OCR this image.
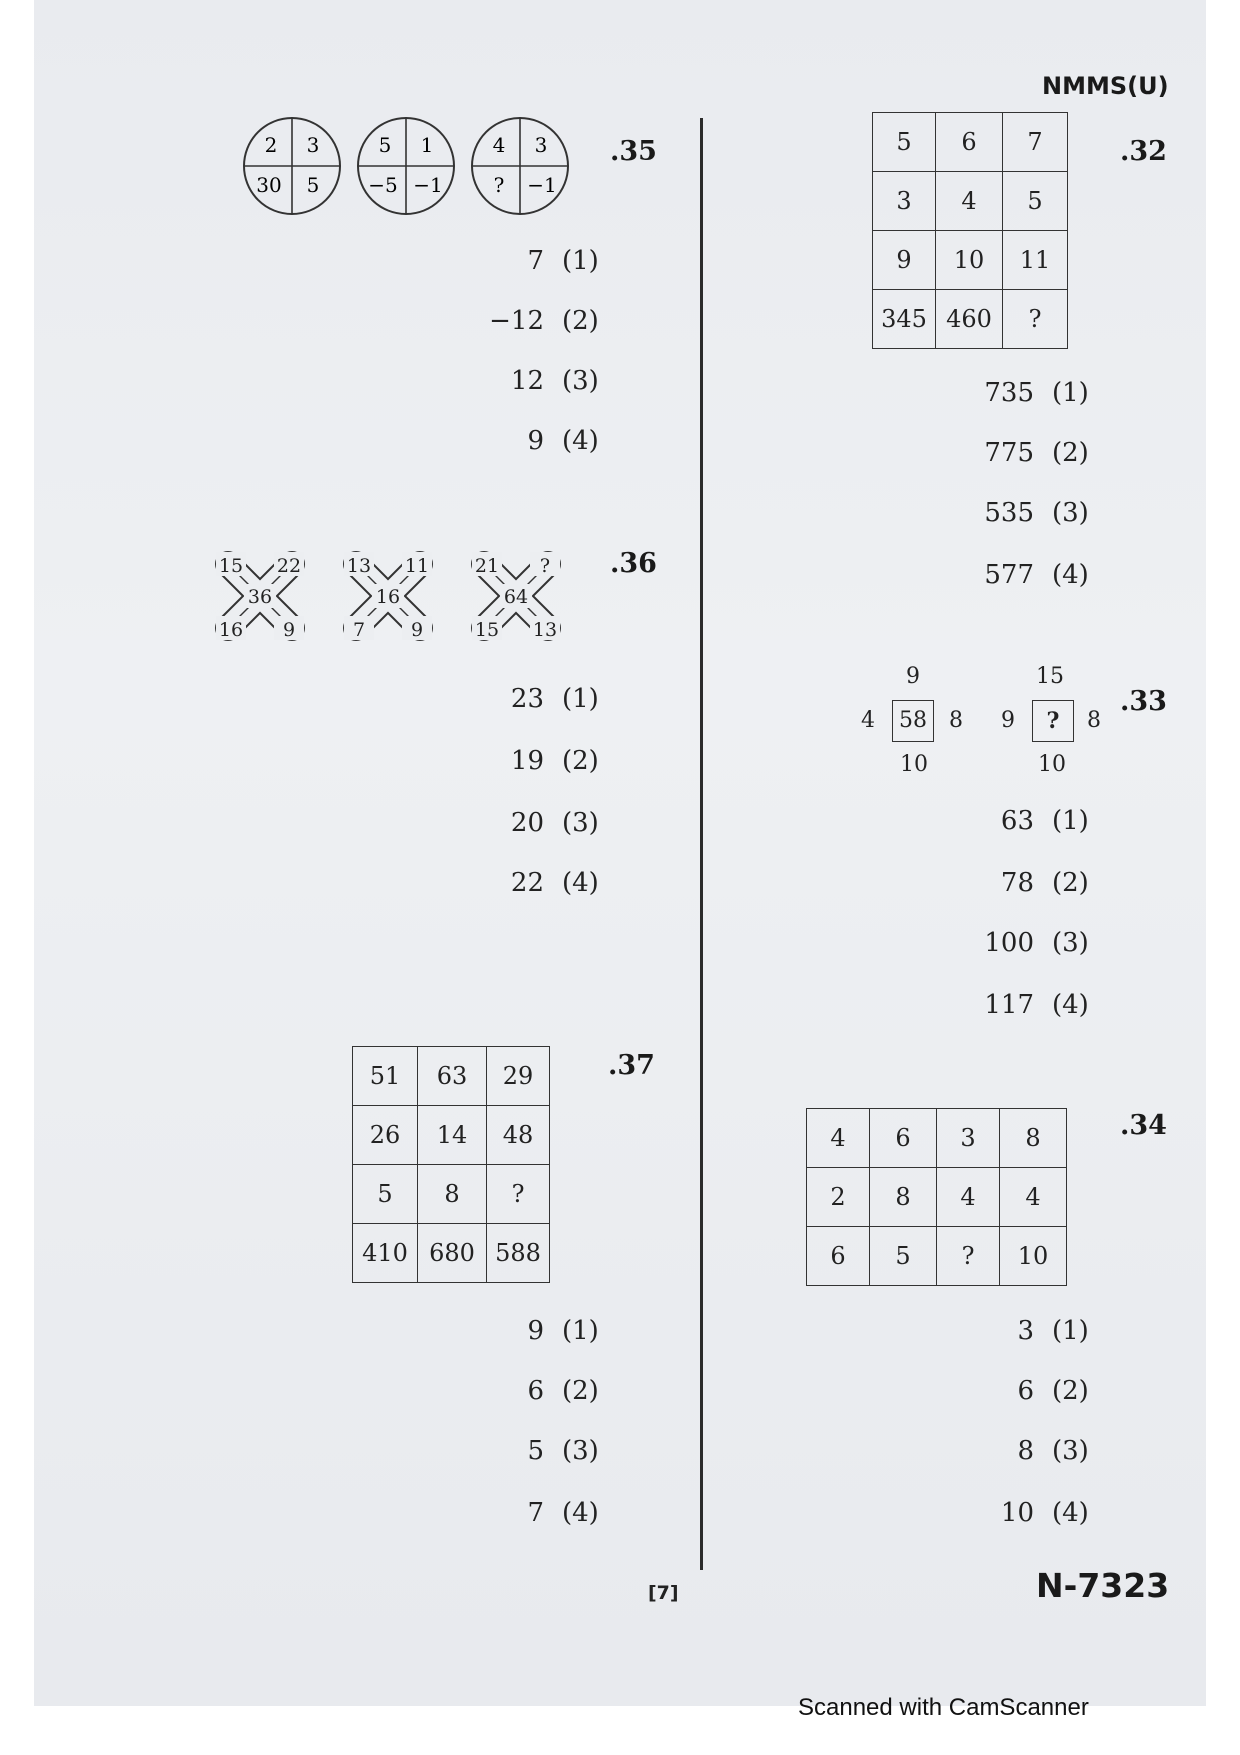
NMMS(U)
.35
2 3
30 5
5 1
−5 −1
4 3
? −1
7 (1)
−12 (2)
12 (3)
9 (4)
.36
15 22
36
16 9
13 11
16
7 9
21 ?
64
15 13
23 (1)
19 (2)
20 (3)
22 (4)
.37
51	63	29
26	14	48
5	8	?
410	680	588
9 (1)
6 (2)
5 (3)
7 (4)
.32
5	6	7
3	4	5
9	10	11
345	460	?
735 (1)
775 (2)
535 (3)
577 (4)
.33
9
4	58	8
10
15
9	?	8
10
63 (1)
78 (2)
100 (3)
117 (4)
.34
4	6	3	8
2	8	4	4
6	5	?	10
3 (1)
6 (2)
8 (3)
10 (4)
[7]	N-7323
Scanned with CamScanner
